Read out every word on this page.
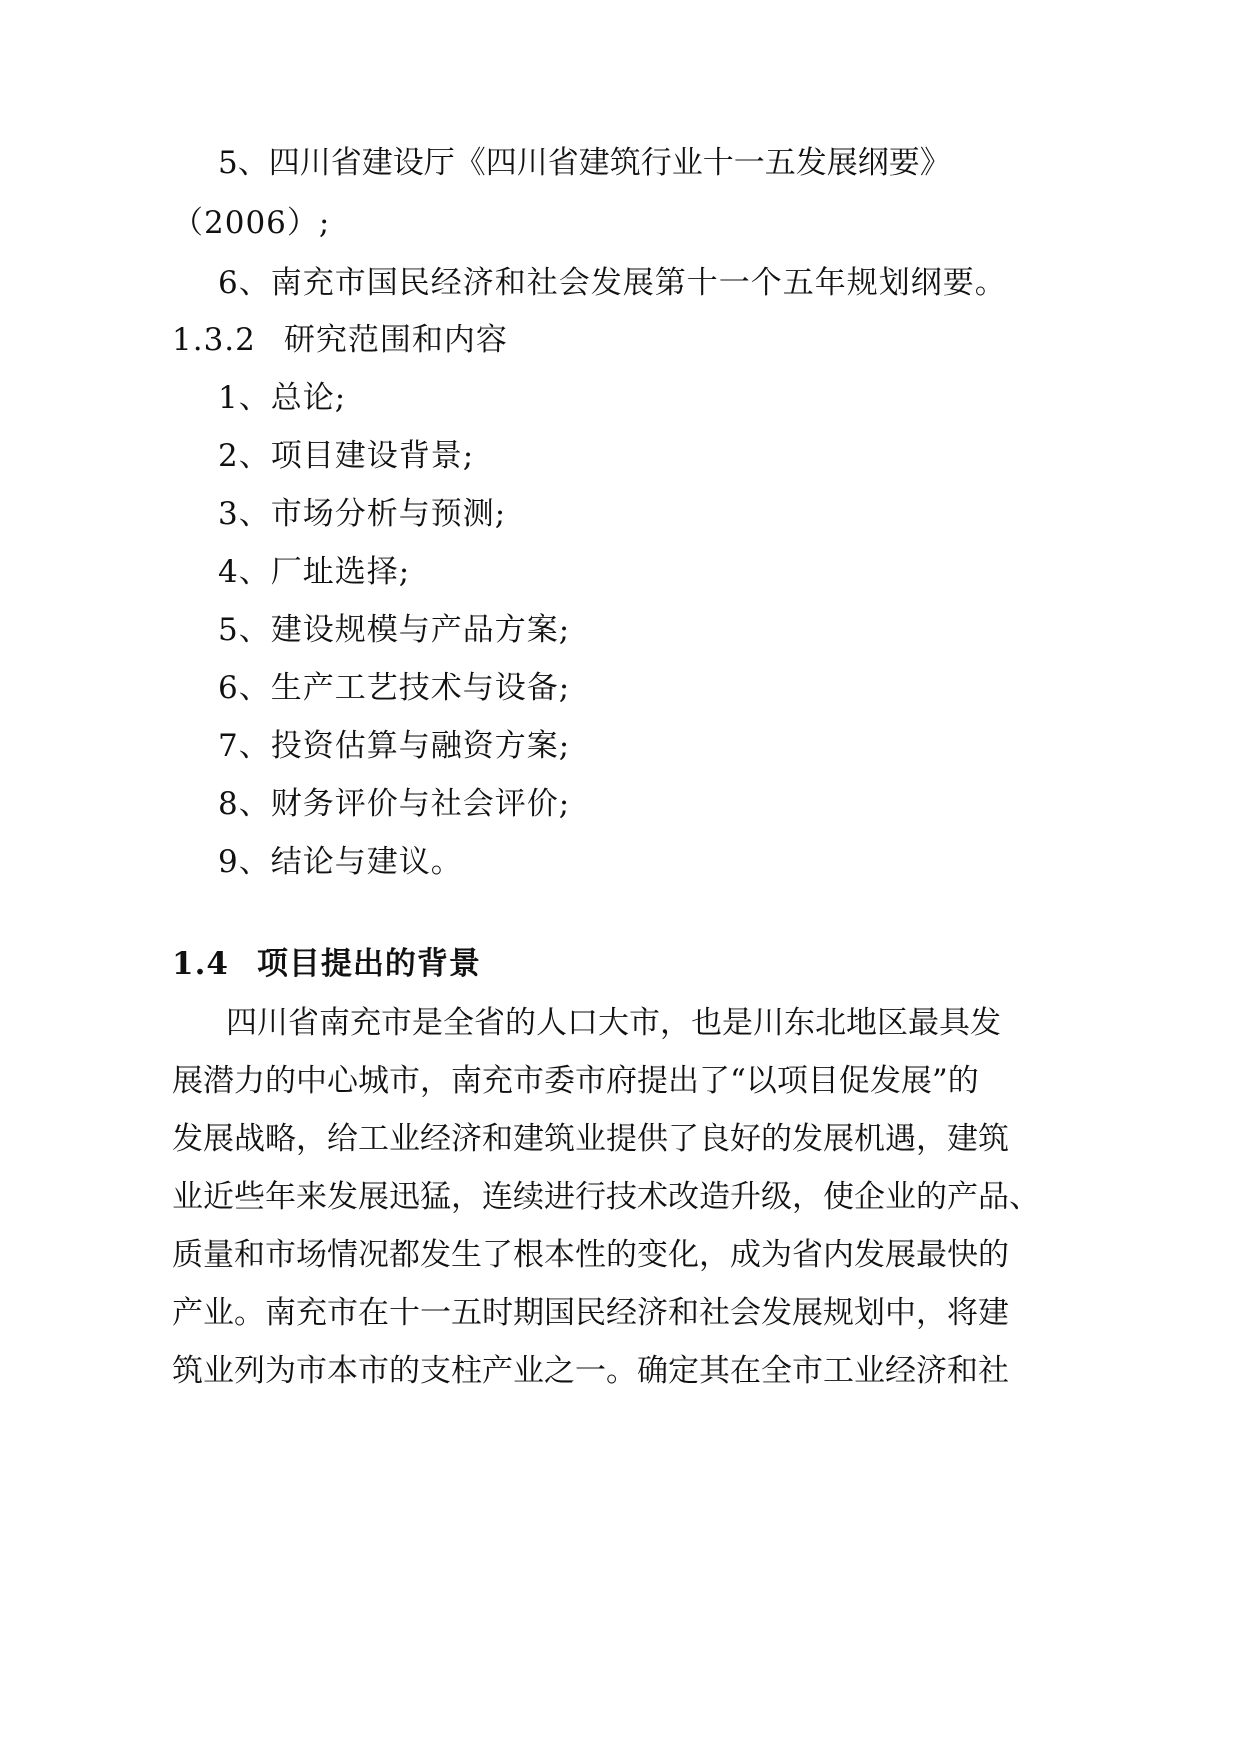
5、四川省建设厅《四川省建筑行业十一五发展纲要》
（2006）;
6、南充市国民经济和社会发展第十一个五年规划纲要。
1.3.2 研究范围和内容
1、总论;
2、项目建设背景;
3、市场分析与预测;
4、厂址选择;
5、建设规模与产品方案;
6、生产工艺技术与设备;
7、投资估算与融资方案;
8、财务评价与社会评价;
9、结论与建议。
1.4 项目提出的背景
四川省南充市是全省的人口大市，也是川东北地区最具发
展潜力的中心城市，南充市委市府提出了“以项目促发展”的
发展战略，给工业经济和建筑业提供了良好的发展机遇，建筑
业近些年来发展迅猛，连续进行技术改造升级，使企业的产品、
质量和市场情况都发生了根本性的变化，成为省内发展最快的
产业。南充市在十一五时期国民经济和社会发展规划中，将建
筑业列为市本市的支柱产业之一。确定其在全市工业经济和社
